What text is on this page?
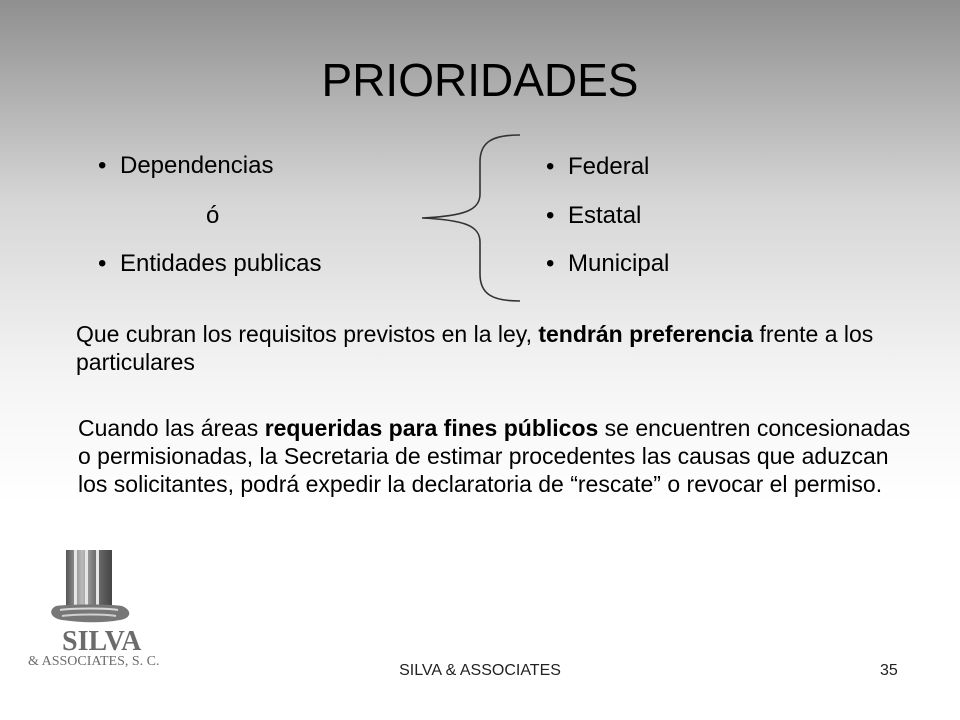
PRIORIDADES
• Dependencias
ó
• Entidades publicas
• Federal
• Estatal
• Municipal
Que cubran los requisitos previstos en la ley, tendrán preferencia frente a los particulares
Cuando las áreas requeridas para fines públicos se encuentren concesionadas o permisionadas, la Secretaria de estimar procedentes las causas que aduzcan los solicitantes, podrá expedir la declaratoria de “rescate” o revocar el permiso.
SILVA
& ASSOCIATES, S. C.
SILVA & ASSOCIATES	35
